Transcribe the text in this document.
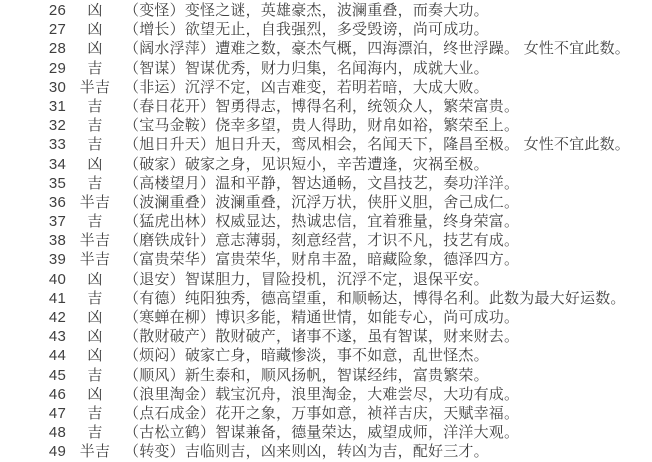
26	凶	（变怪）变怪之谜，英雄豪杰，波澜重叠，而奏大功。
27	凶	（增长）欲望无止，自我强烈，多受毁谤，尚可成功。
28	凶	（阔水浮萍）遭难之数，豪杰气概，四海漂泊，终世浮躁。 女性不宜此数。
29	吉	（智谋）智谋优秀，财力归集，名闻海内，成就大业。
30 半吉 （非运）沉浮不定，凶吉难变，若明若暗，大成大败。
31	吉	（春日花开）智勇得志，博得名利，统领众人，繁荣富贵。
32	吉	（宝马金鞍）侥幸多望，贵人得助，财帛如裕，繁荣至上。
33	吉	（旭日升天）旭日升天，鸾凤相会，名闻天下，隆昌至极。 女性不宜此数。
34	凶	（破家）破家之身，见识短小，辛苦遭逢，灾祸至极。
35	吉	（高楼望月）温和平静，智达通畅，文昌技艺，奏功洋洋。
36 半吉 （波澜重叠）波澜重叠，沉浮万状，侠肝义胆，舍己成仁。
37	吉	（猛虎出林）权威显达，热诚忠信，宜着雅量，终身荣富。
38 半吉 （磨铁成针）意志薄弱，刻意经营，才识不凡，技艺有成。
39 半吉 （富贵荣华）富贵荣华，财帛丰盈，暗藏险象，德泽四方。
40	凶	（退安）智谋胆力，冒险投机，沉浮不定，退保平安。
41	吉	（有德）纯阳独秀，德高望重，和顺畅达，博得名利。此数为最大好运数。
42	凶	（寒蝉在柳）博识多能，精通世情，如能专心，尚可成功。
43	凶	（散财破产）散财破产，诸事不遂，虽有智谋，财来财去。
44	凶	（烦闷）破家亡身，暗藏惨淡，事不如意，乱世怪杰。
45	吉	（顺风）新生泰和，顺风扬帆，智谋经纬，富贵繁荣。
46	凶	（浪里淘金）载宝沉舟，浪里淘金，大难尝尽，大功有成。
47	吉	（点石成金）花开之象，万事如意，祯祥吉庆，天赋幸福。
48	吉	（古松立鹤）智谋兼备，德量荣达，威望成师，洋洋大观。
49 半吉 （转变）吉临则吉，凶来则凶，转凶为吉，配好三才。
